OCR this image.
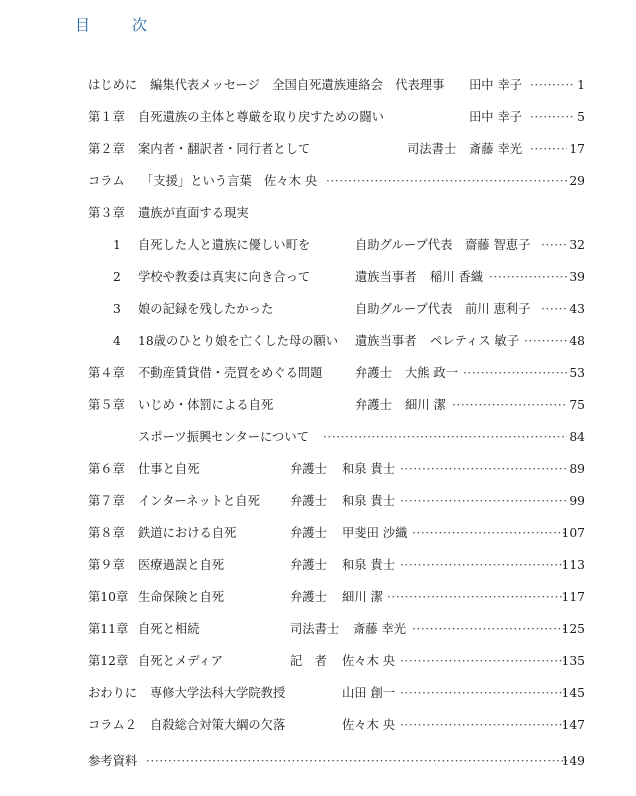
目	次
はじめに 編集代表メッセージ　全国自死遺族連絡会　代表理事 田中 幸子 ·····	1
第１章 自死遺族の主体と尊厳を取り戻すための闘い	田中 幸子 ·····	5
第２章 案内者・翻訳者・同行者として	司法書士 斎藤 幸光 ·····	17
コラム 「支援」という言葉　佐々木 央 ·····	29
第３章 遺族が直面する現実
1 自死した人と遺族に優しい町を	自助グループ代表 齋藤 智恵子 ·····	32
2 学校や教委は真実に向き合って	遺族当事者 稲川 香織 ·····	39
3 娘の記録を残したかった	自助グループ代表 前川 恵利子 ·····	43
4 18歳のひとり娘を亡くした母の願い 遺族当事者 ペレティス 敏子 ·····	48
第４章 不動産賃貸借・売買をめぐる問題	弁護士 大熊 政一 ·····	53
第５章 いじめ・体罰による自死	弁護士 細川 潔 ·····	75
スポーツ振興センターについて ·····	84
第６章 仕事と自死	弁護士 和泉 貴士 ·····	89
第７章 インターネットと自死 弁護士 和泉 貴士 ·····	99
第８章 鉄道における自死	弁護士 甲斐田 沙織 ·····	107
第９章 医療過誤と自死	弁護士 和泉 貴士 ·····	113
第10章 生命保険と自死	弁護士 細川 潔 ·····	117
第11章 自死と相続	司法書士 斎藤 幸光 ·····	125
第12章 自死とメディア	記　者 佐々木 央 ·····	135
おわりに 専修大学法科大学院教授	山田 創一 ·····	145
コラム２ 自殺総合対策大綱の欠落	佐々木 央 ·····	147
参考資料 ·····	149
